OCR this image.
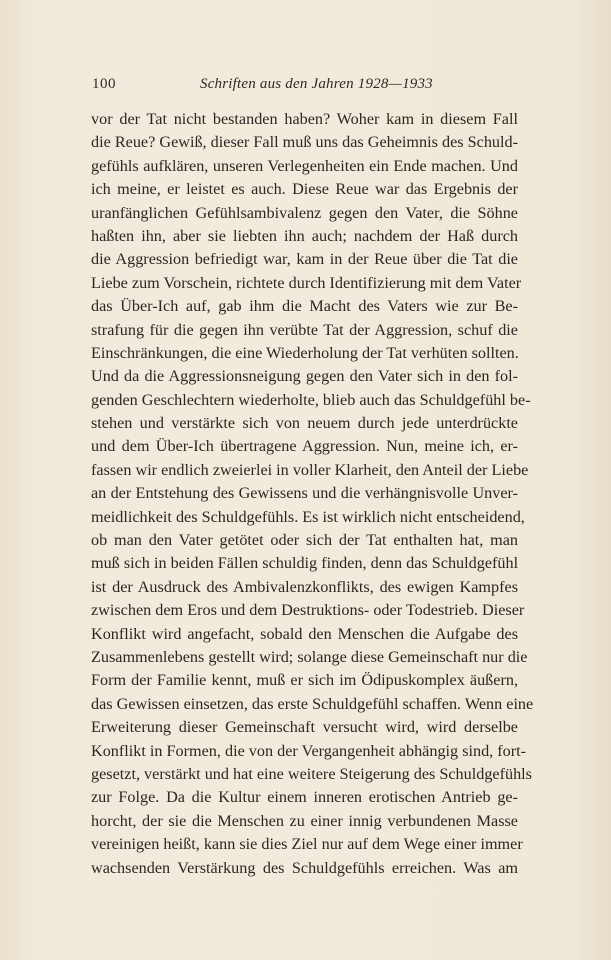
100	Schriften aus den Jahren 1928—1933
vor der Tat nicht bestanden haben? Woher kam in diesem Fall
die Reue? Gewiß, dieser Fall muß uns das Geheimnis des Schuld-
gefühls aufklären, unseren Verlegenheiten ein Ende machen. Und
ich meine, er leistet es auch. Diese Reue war das Ergebnis der
uranfänglichen Gefühlsambivalenz gegen den Vater, die Söhne
haßten ihn, aber sie liebten ihn auch; nachdem der Haß durch
die Aggression befriedigt war, kam in der Reue über die Tat die
Liebe zum Vorschein, richtete durch Identifizierung mit dem Vater
das Über-Ich auf, gab ihm die Macht des Vaters wie zur Be-
strafung für die gegen ihn verübte Tat der Aggression, schuf die
Einschränkungen, die eine Wiederholung der Tat verhüten sollten.
Und da die Aggressionsneigung gegen den Vater sich in den fol-
genden Geschlechtern wiederholte, blieb auch das Schuldgefühl be-
stehen und verstärkte sich von neuem durch jede unterdrückte
und dem Über-Ich übertragene Aggression. Nun, meine ich, er-
fassen wir endlich zweierlei in voller Klarheit, den Anteil der Liebe
an der Entstehung des Gewissens und die verhängnisvolle Unver-
meidlichkeit des Schuldgefühls. Es ist wirklich nicht entscheidend,
ob man den Vater getötet oder sich der Tat enthalten hat, man
muß sich in beiden Fällen schuldig finden, denn das Schuldgefühl
ist der Ausdruck des Ambivalenzkonflikts, des ewigen Kampfes
zwischen dem Eros und dem Destruktions- oder Todestrieb. Dieser
Konflikt wird angefacht, sobald den Menschen die Aufgabe des
Zusammenlebens gestellt wird; solange diese Gemeinschaft nur die
Form der Familie kennt, muß er sich im Ödipuskomplex äußern,
das Gewissen einsetzen, das erste Schuldgefühl schaffen. Wenn eine
Erweiterung dieser Gemeinschaft versucht wird, wird derselbe
Konflikt in Formen, die von der Vergangenheit abhängig sind, fort-
gesetzt, verstärkt und hat eine weitere Steigerung des Schuldgefühls
zur Folge. Da die Kultur einem inneren erotischen Antrieb ge-
horcht, der sie die Menschen zu einer innig verbundenen Masse
vereinigen heißt, kann sie dies Ziel nur auf dem Wege einer immer
wachsenden Verstärkung des Schuldgefühls erreichen. Was am
